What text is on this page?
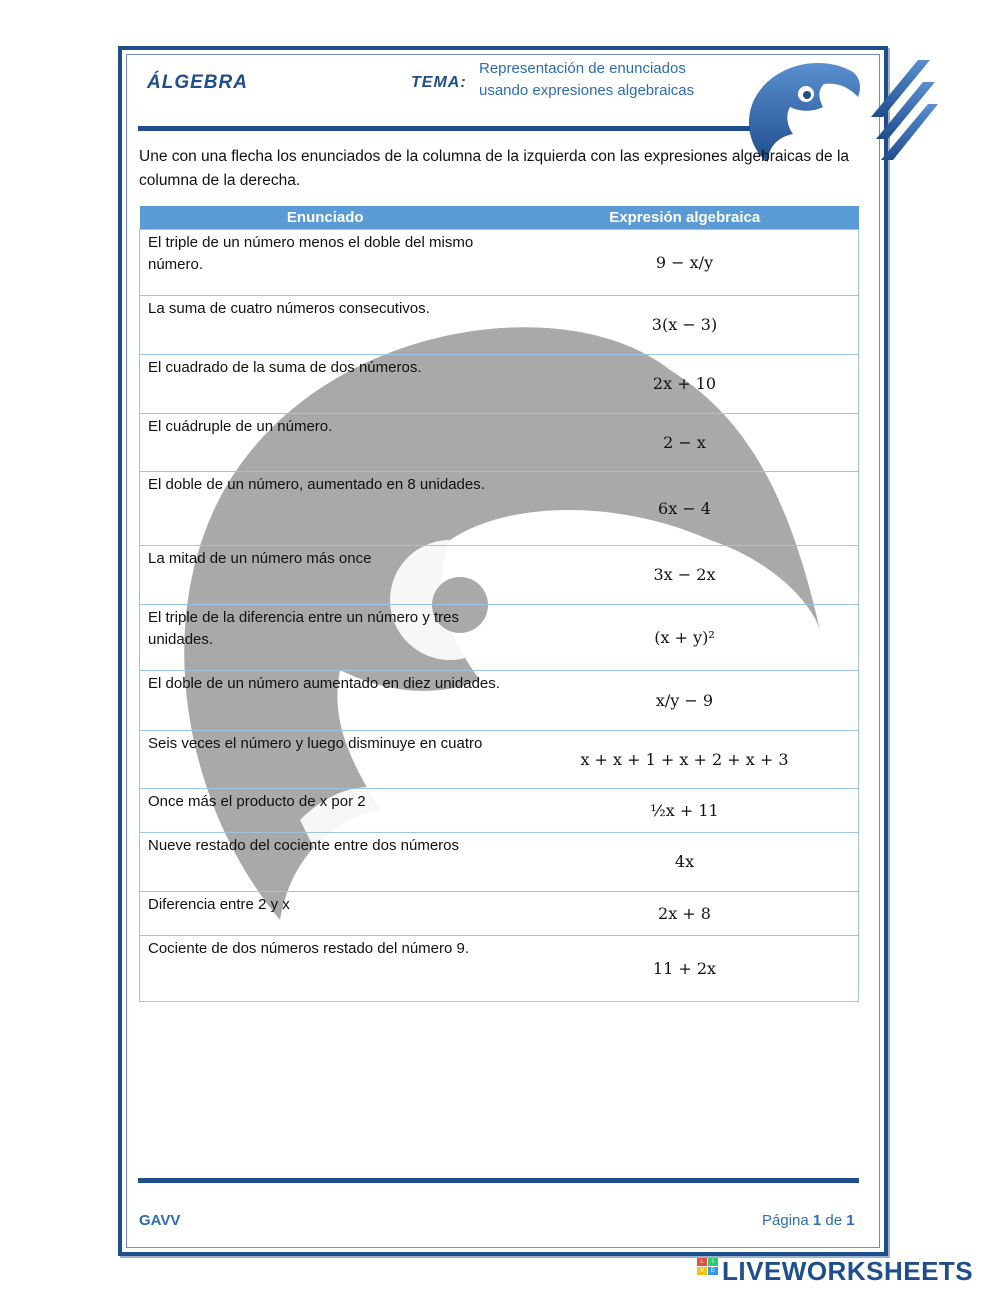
ÁLGEBRA	TEMA:
Representación de enunciados
usando expresiones algebraicas
Une con una flecha los enunciados de la columna de la izquierda con las expresiones algebraicas de la columna de la derecha.
Enunciado	Expresión algebraica
El triple de un número menos el doble del mismo número.	9 − x/y
La suma de cuatro números consecutivos.	3(x − 3)
El cuadrado de la suma de dos números.	2x + 10
El cuádruple de un número.	2 − x
El doble de un número, aumentado en 8 unidades.	6x − 4
La mitad de un número más once	3x − 2x
El triple de la diferencia entre un número y tres unidades.	(x + y)²
El doble de un número aumentado en diez unidades.	x/y − 9
Seis veces el número y luego disminuye en cuatro	x + x + 1 + x + 2 + x + 3
Once más el producto de x por 2	½x + 11
Nueve restado del cociente entre dos números	4x
Diferencia entre 2 y x	2x + 8
Cociente de dos números restado del número 9.	11 + 2x
GAVV	Página 1 de 1
L	I
V	E LIVEWORKSHEETS
